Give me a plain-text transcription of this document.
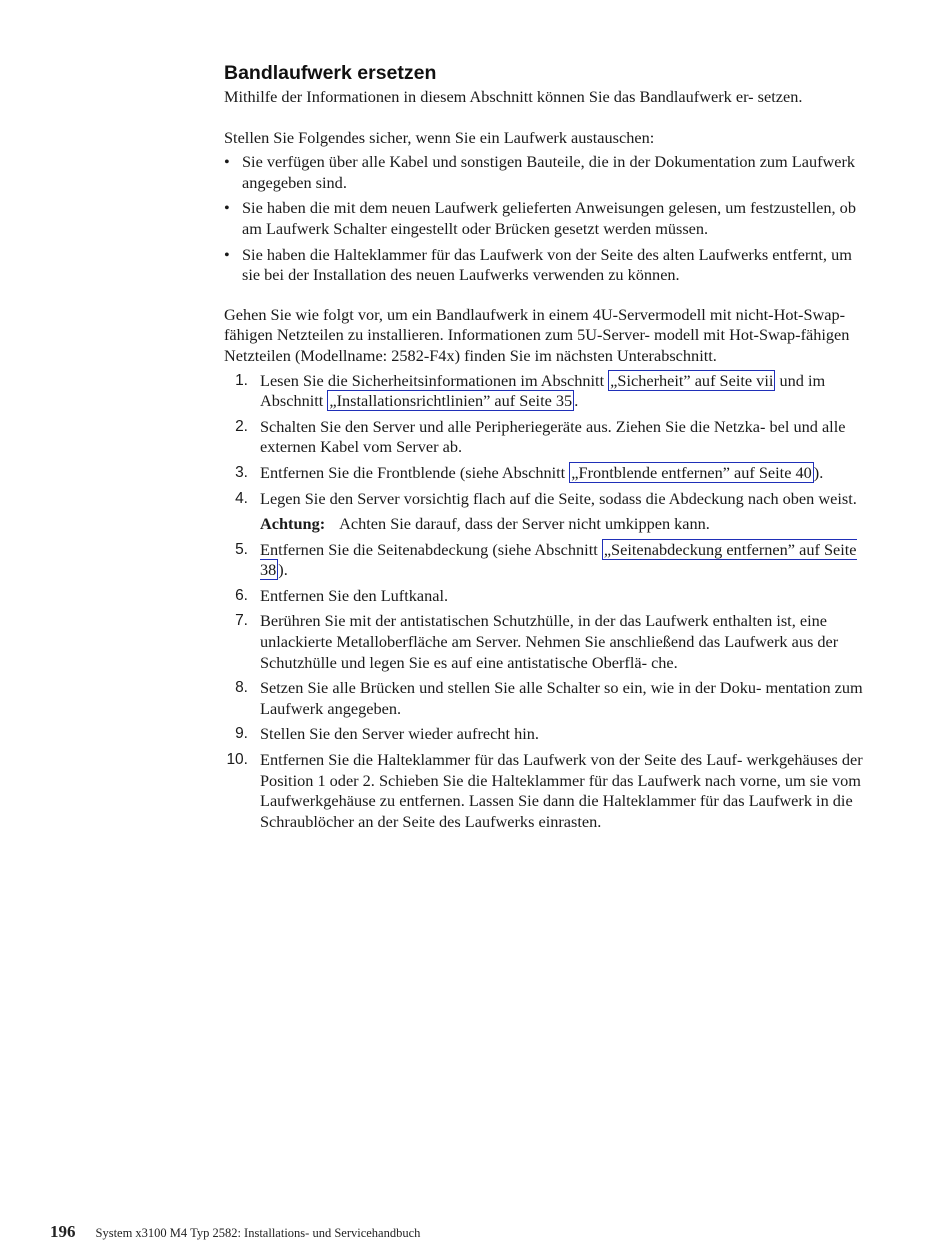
Bandlaufwerk ersetzen

Mithilfe der Informationen in diesem Abschnitt können Sie das Bandlaufwerk er- setzen.

Stellen Sie Folgendes sicher, wenn Sie ein Laufwerk austauschen:

• Sie verfügen über alle Kabel und sonstigen Bauteile, die in der Dokumentation zum Laufwerk angegeben sind.
• Sie haben die mit dem neuen Laufwerk gelieferten Anweisungen gelesen, um festzustellen, ob am Laufwerk Schalter eingestellt oder Brücken gesetzt werden müssen.
• Sie haben die Halteklammer für das Laufwerk von der Seite des alten Laufwerks entfernt, um sie bei der Installation des neuen Laufwerks verwenden zu können.

Gehen Sie wie folgt vor, um ein Bandlaufwerk in einem 4U-Servermodell mit nicht-Hot-Swap-fähigen Netzteilen zu installieren. Informationen zum 5U-Server- modell mit Hot-Swap-fähigen Netzteilen (Modellname: 2582-F4x) finden Sie im nächsten Unterabschnitt.

1. Lesen Sie die Sicherheitsinformationen im Abschnitt „Sicherheit” auf Seite vii und im Abschnitt „Installationsrichtlinien” auf Seite 35 .
2. Schalten Sie den Server und alle Peripheriegeräte aus. Ziehen Sie die Netzka- bel und alle externen Kabel vom Server ab.
3. Entfernen Sie die Frontblende (siehe Abschnitt „Frontblende entfernen” auf Seite 40 ).
4. Legen Sie den Server vorsichtig flach auf die Seite, sodass die Abdeckung nach oben weist.
Achtung: Achten Sie darauf, dass der Server nicht umkippen kann.
5. Entfernen Sie die Seitenabdeckung (siehe Abschnitt „Seitenabdeckung entfernen” auf Seite 38 ).
6. Entfernen Sie den Luftkanal.
7. Berühren Sie mit der antistatischen Schutzhülle, in der das Laufwerk enthalten ist, eine unlackierte Metalloberfläche am Server. Nehmen Sie anschließend das Laufwerk aus der Schutzhülle und legen Sie es auf eine antistatische Oberflä- che.
8. Setzen Sie alle Brücken und stellen Sie alle Schalter so ein, wie in der Doku- mentation zum Laufwerk angegeben.
9. Stellen Sie den Server wieder aufrecht hin.
10. Entfernen Sie die Halteklammer für das Laufwerk von der Seite des Lauf- werkgehäuses der Position 1 oder 2. Schieben Sie die Halteklammer für das Laufwerk nach vorne, um sie vom Laufwerkgehäuse zu entfernen. Lassen Sie dann die Halteklammer für das Laufwerk in die Schraublöcher an der Seite des Laufwerks einrasten.
196 System x3100 M4 Typ 2582: Installations- und Servicehandbuch
